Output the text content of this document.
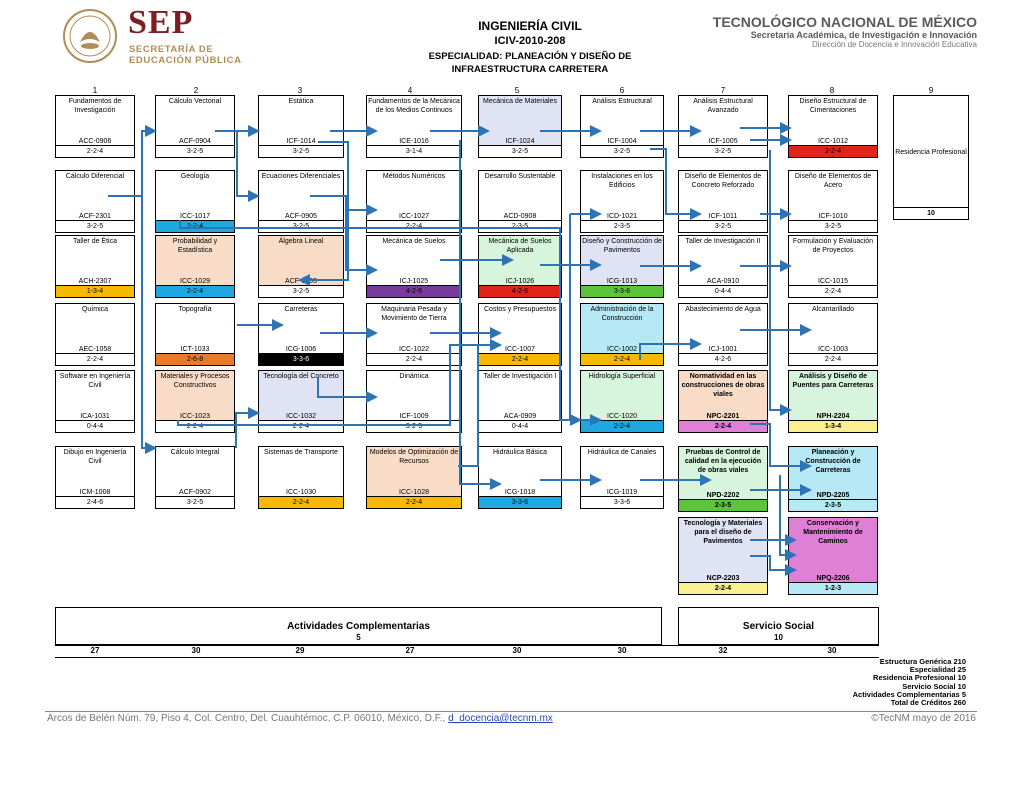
SEP
SECRETARÍA DE
EDUCACIÓN PÚBLICA
INGENIERÍA CIVIL
ICIV-2010-208
ESPECIALIDAD: PLANEACIÓN Y DISEÑO DE
INFRAESTRUCTURA CARRETERA
TECNOLÓGICO NACIONAL DE MÉXICO
Secretaría Académica, de Investigación e Innovación
Dirección de Docencia e Innovación Educativa
1	2	3	4	5	6	7	8	9
Fundamentos de Investigación
ACC-0906
2-2-4
Cálculo Diferencial
ACF-2301
3-2-5
Taller de Ética
ACH-2307
1-3-4
Química
AEC-1058
2-2-4
Software en Ingeniería Civil
ICA-1031
0-4-4
Dibujo en Ingeniería Civil
ICM-1008
2-4-6
Cálculo Vectorial
ACF-0904
3-2-5
Geología
ICC-1017
2-2-4
Probabilidad y Estadística
ICC-1029
2-2-4
Topografía
ICT-1033
2-6-8
Materiales y Procesos Constructivos
ICC-1023
2-2-4
Cálculo Integral
ACF-0902
3-2-5
Estática
ICF-1014
3-2-5
Ecuaciones Diferenciales
ACF-0905
3-2-5
Álgebra Lineal
ACF-0903
3-2-5
Carreteras
ICG-1006
3-3-6
Tecnología del Concreto
ICC-1032
2-2-4
Sistemas de Transporte
ICC-1030
2-2-4
Fundamentos de la Mecánica de los Medios Continuos
ICE-1016
3-1-4
Métodos Numéricos
ICC-1027
2-2-4
Mecánica de Suelos
ICJ-1025
4-2-6
Maquinaria Pesada y Movimiento de Tierra
ICC-1022
2-2-4
Dinámica
ICF-1009
3-2-5
Modelos de Optimización de Recursos
ICC-1028
2-2-4
Mecánica de Materiales
ICF-1024
3-2-5
Desarrollo Sustentable
ACD-0908
2-3-5
Mecánica de Suelos Aplicada
ICJ-1026
4-2-6
Costos y Presupuestos
ICC-1007
2-2-4
Taller de Investigación I
ACA-0909
0-4-4
Hidráulica Básica
ICG-1018
3-3-6
Análisis Estructural
ICF-1004
3-2-5
Instalaciones en los Edificios
ICD-1021
2-3-5
Diseño y Construcción de Pavimentos
ICG-1013
3-3-6
Administración de la Construcción
ICC-1002
2-2-4
Hidrología Superficial
ICC-1020
2-2-4
Hidráulica de Canales
ICG-1019
3-3-6
Análisis Estructural Avanzado
ICF-1005
3-2-5
Diseño de Elementos de Concreto Reforzado
ICF-1011
3-2-5
Taller de Investigación II
ACA-0910
0-4-4
Abastecimiento de Agua
ICJ-1001
4-2-6
Normatividad en las construcciones de obras viales
NPC-2201
2-2-4
Pruebas de Control de calidad en la ejecución de obras viales
NPD-2202
2-3-5
Tecnología y Materiales para el diseño de Pavimentos
NCP-2203
2-2-4
Diseño Estructural de Cimentaciones
ICC-1012
2-2-4
Diseño de Elementos de Acero
ICF-1010
3-2-5
Formulación y Evaluación de Proyectos
ICC-1015
2-2-4
Alcantarillado
ICC-1003
2-2-4
Análisis y Diseño de Puentes para Carreteras
NPH-2204
1-3-4
Planeación y Construcción de Carreteras
NPD-2205
2-3-5
Conservación y Mantenimiento de Caminos
NPQ-2206
1-2-3
Residencia Profesional
10
Actividades Complementarias
5
Servicio Social
10
27	30	29	27	30	30	32	30
Estructura Genérica 210
Especialidad 25
Residencia Profesional 10
Servicio Social 10
Actividades Complementarias 5
Total de Créditos 260
Arcos de Belén Núm. 79, Piso 4, Col. Centro, Del. Cuauhtémoc, C.P. 06010, México, D.F., d_docencia@tecnm.mx	©TecNM mayo de 2016
